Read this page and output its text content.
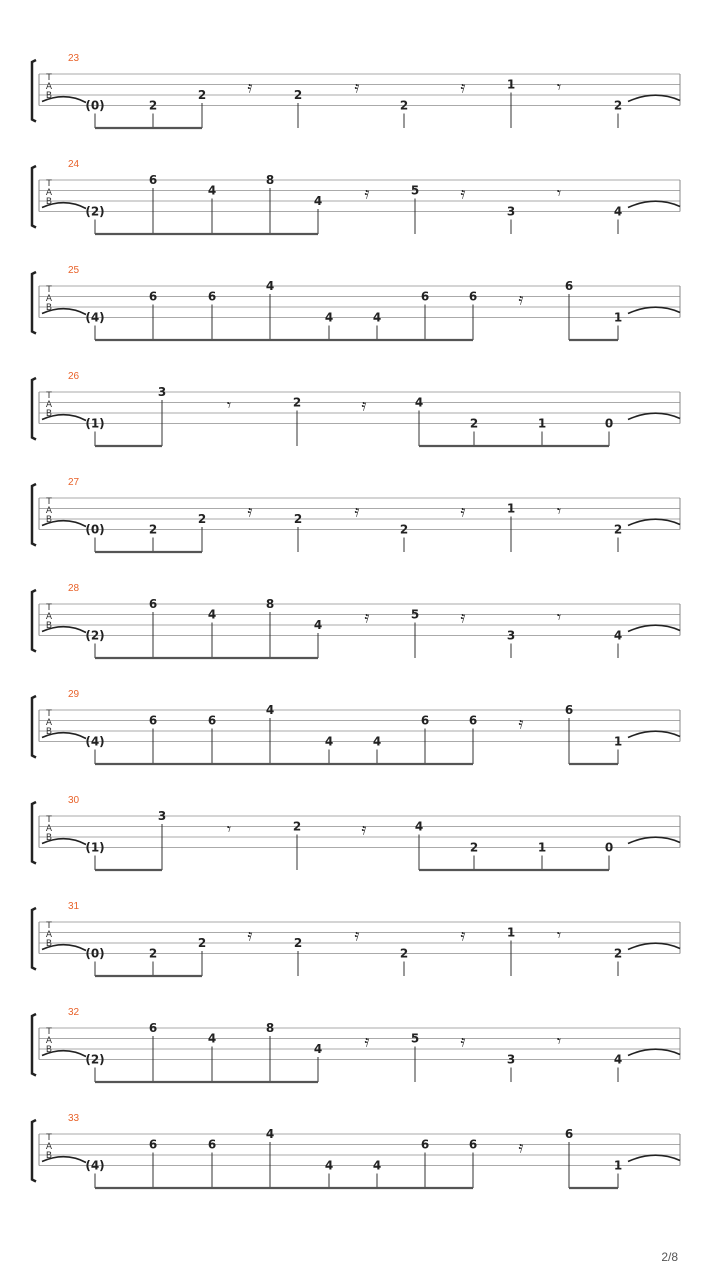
T
A
B
23
(0)	2
2	𝄿	2	𝄿
2
𝄿	1	𝄾
2
T
A
B
24
(2)
6
4
8
4	𝄿	5	𝄿
3
𝄾
4
T
A
B
25
(4)
6	6
4
4	4
6	6	𝄿
6
1
T
A
B
26
(1)
3
𝄾	2	𝄿	4
2	1	0
T
A
B
27
(0)	2
2	𝄿	2	𝄿
2
𝄿	1	𝄾
2
T
A
B
28
(2)
6
4
8
4	𝄿	5	𝄿
3
𝄾
4
T
A
B
29
(4)
6	6
4
4	4
6	6	𝄿
6
1
T
A
B
30
(1)
3
𝄾	2	𝄿	4
2	1	0
T
A
B
31
(0)	2
2	𝄿	2	𝄿
2
𝄿	1	𝄾
2
T
A
B
32
(2)
6
4
8
4	𝄿	5	𝄿
3
𝄾
4
T
A
B
33
(4)
6	6
4
4	4
6	6	𝄿
6
1
2/8
